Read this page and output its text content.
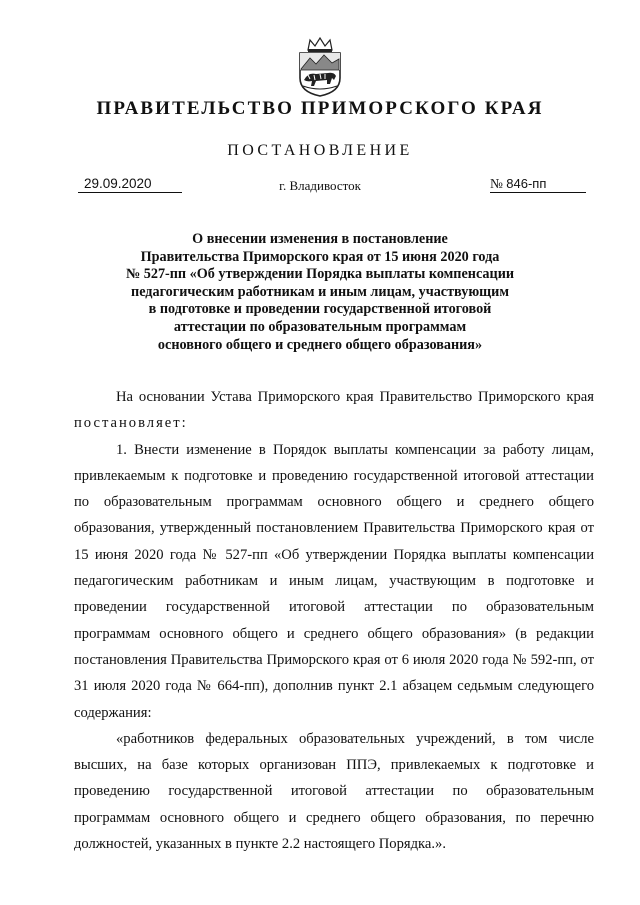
ПРАВИТЕЛЬСТВО ПРИМОРСКОГО КРАЯ
ПОСТАНОВЛЕНИЕ
29.09.2020	г. Владивосток	№ 846-пп
О внесении изменения в постановление
Правительства Приморского края от 15 июня 2020 года
№ 527-пп «Об утверждении Порядка выплаты компенсации
педагогическим работникам и иным лицам, участвующим
в подготовке и проведении государственной итоговой
аттестации по образовательным программам
основного общего и среднего общего образования»

На основании Устава Приморского края Правительство Приморского края постановляет:

1. Внести изменение в Порядок выплаты компенсации за работу лицам, привлекаемым к подготовке и проведению государственной итоговой аттестации по образовательным программам основного общего и среднего общего образования, утвержденный постановлением Правительства Приморского края от 15 июня 2020 года № 527-пп «Об утверждении Порядка выплаты компенсации педагогическим работникам и иным лицам, участвующим в подготовке и проведении государственной итоговой аттестации по образовательным программам основного общего и среднего общего образования» (в редакции постановления Правительства Приморского края от 6 июля 2020 года № 592-пп, от 31 июля 2020 года № 664-пп), дополнив пункт 2.1 абзацем седьмым следующего содержания:

«работников федеральных образовательных учреждений, в том числе высших, на базе которых организован ППЭ, привлекаемых к подготовке и проведению государственной итоговой аттестации по образовательным программам основного общего и среднего общего образования, по перечню должностей, указанных в пункте 2.2 настоящего Порядка.».
